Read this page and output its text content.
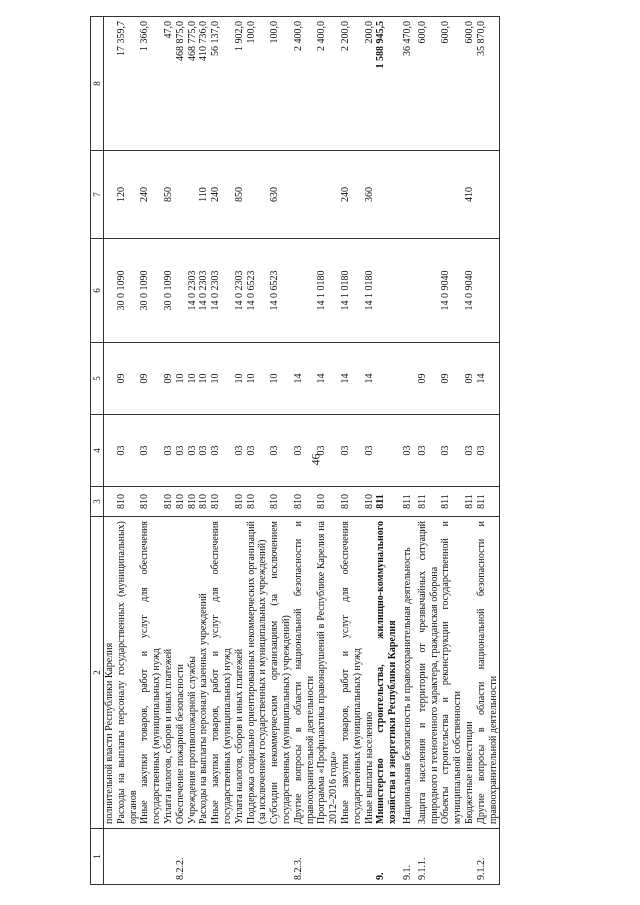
46
1	2	3	4	5	6	7	8
	полнительной власти Республики Карелия						
	Расходы на выплаты персоналу государственных (муниципальных) органов	810	03	09	30 0 1090	120	17 359,7
	Иные закупки товаров, работ и услуг для обеспечения государственных (муниципальных) нужд	810	03	09	30 0 1090	240	1 366,0
	Уплата налогов, сборов и иных платежей	810	03	09	30 0 1090	850	47,0
8.2.2.	Обеспечение пожарной безопасности	810	03	10			468 875,0
	Учреждения противопожарной службы	810	03	10	14 0 2303		468 775,0
	Расходы на выплаты персоналу казенных учреждений	810	03	10	14 0 2303	110	410 736,0
	Иные закупки товаров, работ и услуг для обеспечения государственных (муниципальных) нужд	810	03	10	14 0 2303	240	56 137,0
	Уплата налогов, сборов и иных платежей	810	03	10	14 0 2303	850	1 902,0
	Поддержка социально ориентированных некоммерческих организаций (за исключением государственных и муниципальных учреждений)	810	03	10	14 0 6523		100,0
	Субсидии некоммерческим организациям (за исключением государственных (муниципальных) учреждений)	810	03	10	14 0 6523	630	100,0
8.2.3.	Другие вопросы в области национальной безопасности и правоохранительной деятельности	810	03	14			2 400,0
	Программа «Профилактика правонарушений в Республике Карелия на 2012–2016 годы»	810	03	14	14 1 0180		2 400,0
	Иные закупки товаров, работ и услуг для обеспечения государственных (муниципальных) нужд	810	03	14	14 1 0180	240	2 200,0
	Иные выплаты населению	810	03	14	14 1 0180	360	200,0
9.	Министерство строительства, жилищно-коммунального хозяйства и энергетики Республики Карелия	811					1 588 945,5
9.1.	Национальная безопасность и правоохранительная деятельность	811	03				36 470,0
9.1.1.	Защита населения и территории от чрезвычайных ситуаций природного и техногенного характера, гражданская оборона	811	03	09			600,0
	Объекты строительства и реконструкции государственной и муниципальной собственности	811	03	09	14 0 9040		600,0
	Бюджетные инвестиции	811	03	09	14 0 9040	410	600,0
9.1.2.	Другие вопросы в области национальной безопасности и правоохранительной деятельности	811	03	14			35 870,0
